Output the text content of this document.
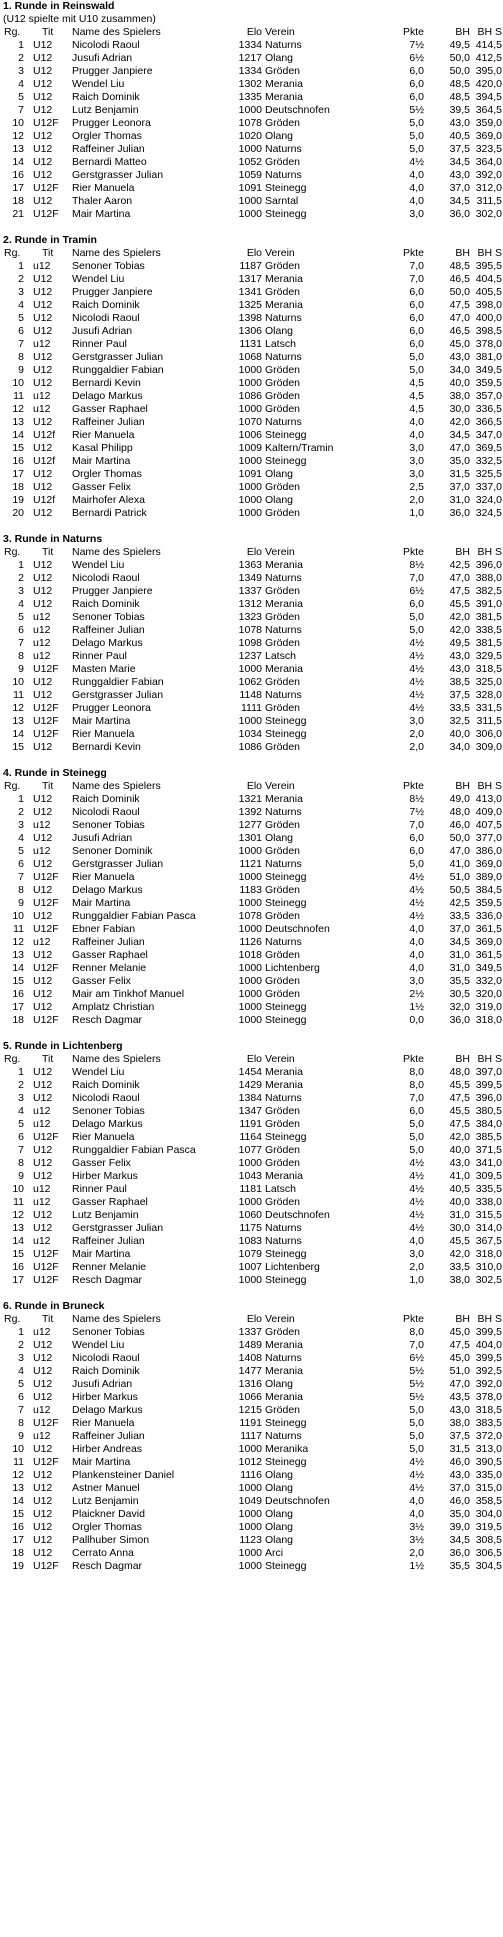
1. Runde in Reinswald
(U12 spielte mit U10 zusammen)
Rg. Tit Name des Spielers	Elo Verein	Pkte	BH BH S
1 U12 Nicolodi Raoul	1334 Naturns	7½	49,5 414,5
2 U12 Jusufi Adrian	1217 Olang	6½	50,0 412,5
3 U12 Prugger Janpiere	1334 Gröden	6,0	50,0 395,0
4 U12 Wendel Liu	1302 Merania	6,0	48,5 420,0
5 U12 Raich Dominik	1335 Merania	6,0	48,5 394,5
7 U12 Lutz Benjamin	1000 Deutschnofen	5½	39,5 364,5
10 U12F Prugger Leonora	1078 Gröden	5,0	43,0 359,0
12 U12 Orgler Thomas	1020 Olang	5,0	40,5 369,0
13 U12 Raffeiner Julian	1000 Naturns	5,0	37,5 323,5
14 U12 Bernardi Matteo	1052 Gröden	4½	34,5 364,0
16 U12 Gerstgrasser Julian	1059 Naturns	4,0	43,0 392,0
17 U12F Rier Manuela	1091 Steinegg	4,0	37,0 312,0
18 U12 Thaler Aaron	1000 Sarntal	4,0	34,5 311,5
21 U12F Mair Martina	1000 Steinegg	3,0	36,0 302,0
2. Runde in Tramin
Rg. Tit Name des Spielers	Elo Verein	Pkte	BH BH S
1 u12 Senoner Tobias	1187 Gröden	7,0	48,5 395,5
2 U12 Wendel Liu	1317 Merania	7,0	46,5 404,5
3 U12 Prugger Janpiere	1341 Gröden	6,0	50,0 405,5
4 U12 Raich Dominik	1325 Merania	6,0	47,5 398,0
5 U12 Nicolodi Raoul	1398 Naturns	6,0	47,0 400,0
6 U12 Jusufi Adrian	1306 Olang	6,0	46,5 398,5
7 u12 Rinner Paul	1131 Latsch	6,0	45,0 378,0
8 U12 Gerstgrasser Julian	1068 Naturns	5,0	43,0 381,0
9 U12 Runggaldier Fabian	1000 Gröden	5,0	34,0 349,5
10 U12 Bernardi Kevin	1000 Gröden	4,5	40,0 359,5
11 u12 Delago Markus	1086 Gröden	4,5	38,0 357,0
12 u12 Gasser Raphael	1000 Gröden	4,5	30,0 336,5
13 U12 Raffeiner Julian	1070 Naturns	4,0	42,0 366,5
14 U12f Rier Manuela	1006 Steinegg	4,0	34,5 347,0
15 U12 Kasal Philipp	1009 Kaltern/Tramin	3,0	47,0 369,5
16 U12f Mair Martina	1000 Steinegg	3,0	35,0 332,5
17 U12 Orgler Thomas	1091 Olang	3,0	31,5 325,5
18 U12 Gasser Felix	1000 Gröden	2,5	37,0 337,0
19 U12f Mairhofer Alexa	1000 Olang	2,0	31,0 324,0
20 U12 Bernardi Patrick	1000 Gröden	1,0	36,0 324,5
3. Runde in Naturns
Rg. Tit Name des Spielers	Elo Verein	Pkte	BH BH S
1 U12 Wendel Liu	1363 Merania	8½	42,5 396,0
2 U12 Nicolodi Raoul	1349 Naturns	7,0	47,0 388,0
3 U12 Prugger Janpiere	1337 Gröden	6½	47,5 382,5
4 U12 Raich Dominik	1312 Merania	6,0	45,5 391,0
5 u12 Senoner Tobias	1323 Gröden	5,0	42,0 381,5
6 u12 Raffeiner Julian	1078 Naturns	5,0	42,0 338,5
7 u12 Delago Markus	1098 Gröden	4½	49,5 381,5
8 u12 Rinner Paul	1237 Latsch	4½	43,0 329,5
9 U12F Masten Marie	1000 Merania	4½	43,0 318,5
10 U12 Runggaldier Fabian	1062 Gröden	4½	38,5 325,0
11 U12 Gerstgrasser Julian	1148 Naturns	4½	37,5 328,0
12 U12F Prugger Leonora	1111 Gröden	4½	33,5 331,5
13 U12F Mair Martina	1000 Steinegg	3,0	32,5 311,5
14 U12F Rier Manuela	1034 Steinegg	2,0	40,0 306,0
15 U12 Bernardi Kevin	1086 Gröden	2,0	34,0 309,0
4. Runde in Steinegg
Rg. Tit Name des Spielers	Elo Verein	Pkte	BH BH S
1 U12 Raich Dominik	1321 Merania	8½	49,0 413,0
2 U12 Nicolodi Raoul	1392 Naturns	7½	48,0 409,0
3 u12 Senoner Tobias	1277 Gröden	7,0	46,0 407,5
4 U12 Jusufi Adrian	1301 Olang	6,0	50,0 377,0
5 u12 Senoner Dominik	1000 Gröden	6,0	47,0 386,0
6 U12 Gerstgrasser Julian	1121 Naturns	5,0	41,0 369,0
7 U12F Rier Manuela	1000 Steinegg	4½	51,0 389,0
8 U12 Delago Markus	1183 Gröden	4½	50,5 384,5
9 U12F Mair Martina	1000 Steinegg	4½	42,5 359,5
10 U12 Runggaldier Fabian Pasca	1078 Gröden	4½	33,5 336,0
11 U12F Ebner Fabian	1000 Deutschnofen	4,0	37,0 361,5
12 u12 Raffeiner Julian	1126 Naturns	4,0	34,5 369,0
13 U12 Gasser Raphael	1018 Gröden	4,0	31,0 361,5
14 U12F Renner Melanie	1000 Lichtenberg	4,0	31,0 349,5
15 U12 Gasser Felix	1000 Gröden	3,0	35,5 332,0
16 U12 Mair am Tinkhof Manuel	1000 Gröden	2½	30,5 320,0
17 U12 Amplatz Christian	1000 Steinegg	1½	32,0 319,0
18 U12F Resch Dagmar	1000 Steinegg	0,0	36,0 318,0
5. Runde in Lichtenberg
Rg. Tit Name des Spielers	Elo Verein	Pkte	BH BH S
1 U12 Wendel Liu	1454 Merania	8,0	48,0 397,0
2 U12 Raich Dominik	1429 Merania	8,0	45,5 399,5
3 U12 Nicolodi Raoul	1384 Naturns	7,0	47,5 396,0
4 u12 Senoner Tobias	1347 Gröden	6,0	45,5 380,5
5 u12 Delago Markus	1191 Gröden	5,0	47,5 384,0
6 U12F Rier Manuela	1164 Steinegg	5,0	42,0 385,5
7 U12 Runggaldier Fabian Pasca	1077 Gröden	5,0	40,0 371,5
8 U12 Gasser Felix	1000 Gröden	4½	43,0 341,0
9 U12 Hirber Markus	1043 Merania	4½	41,0 309,5
10 u12 Rinner Paul	1181 Latsch	4½	40,5 335,5
11 u12 Gasser Raphael	1000 Gröden	4½	40,0 338,0
12 U12 Lutz Benjamin	1060 Deutschnofen	4½	31,0 315,5
13 U12 Gerstgrasser Julian	1175 Naturns	4½	30,0 314,0
14 u12 Raffeiner Julian	1083 Naturns	4,0	45,5 367,5
15 U12F Mair Martina	1079 Steinegg	3,0	42,0 318,0
16 U12F Renner Melanie	1007 Lichtenberg	2,0	33,5 310,0
17 U12F Resch Dagmar	1000 Steinegg	1,0	38,0 302,5
6. Runde in Bruneck
Rg. Tit Name des Spielers	Elo Verein	Pkte	BH BH S
1 u12 Senoner Tobias	1337 Gröden	8,0	45,0 399,5
2 U12 Wendel Liu	1489 Merania	7,0	47,5 404,0
3 U12 Nicolodi Raoul	1408 Naturns	6½	45,0 399,5
4 U12 Raich Dominik	1477 Merania	5½	51,0 392,5
5 U12 Jusufi Adrian	1316 Olang	5½	47,0 392,0
6 U12 Hirber Markus	1066 Merania	5½	43,5 378,0
7 u12 Delago Markus	1215 Gröden	5,0	43,0 318,5
8 U12F Rier Manuela	1191 Steinegg	5,0	38,0 383,5
9 u12 Raffeiner Julian	1117 Naturns	5,0	37,5 372,0
10 U12 Hirber Andreas	1000 Meranika	5,0	31,5 313,0
11 U12F Mair Martina	1012 Steinegg	4½	46,0 390,5
12 U12 Plankensteiner Daniel	1116 Olang	4½	43,0 335,0
13 U12 Astner Manuel	1000 Olang	4½	37,0 315,0
14 U12 Lutz Benjamin	1049 Deutschnofen	4,0	46,0 358,5
15 U12 Plaickner David	1000 Olang	4,0	35,0 304,0
16 U12 Orgler Thomas	1000 Olang	3½	39,0 319,5
17 U12 Pallhuber Simon	1123 Olang	3½	34,5 308,5
18 U12 Cerrato Anna	1000 Arci	2,0	36,0 306,5
19 U12F Resch Dagmar	1000 Steinegg	1½	35,5 304,5
